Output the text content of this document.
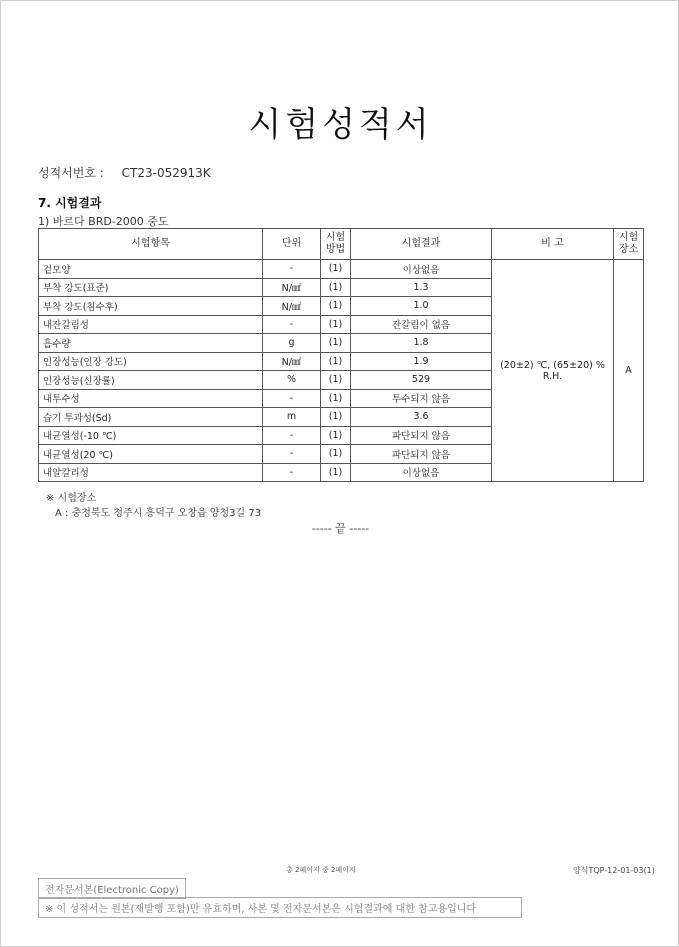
시험성적서
성적서번호 : CT23-052913K
7. 시험결과
1) 바르다 BRD-2000 중도
시험항목	단위	시험방법	시험결과	비 고	시험장소
겉모양	-	(1)	이상없음	(20±2) ℃, (65±20) % R.H.	A
부착 강도(표준)	N/㎟	(1)	1.3		
부착 강도(침수후)	N/㎟	(1)	1.0		
내잔갈림성	-	(1)	잔갈림이 없음		
흡수량	g	(1)	1.8		
인장성능(인장 강도)	N/㎟	(1)	1.9		
인장성능(신장률)	%	(1)	529		
내투수성	-	(1)	투수되지 않음		
습기 투과성(Sd)	m	(1)	3.6		
내균열성(-10 ℃)	-	(1)	파단되지 않음		
내균열성(20 ℃)	-	(1)	파단되지 않음		
내알칼리성	-	(1)	이상없음		
※ 시험장소
A : 충청북도 청주시 흥덕구 오창읍 양청3길 73
----- 끝 -----
총 2페이지 중 2페이지	양식TQP-12-01-03(1)
전자문서본(Electronic Copy)
※ 이 성적서는 원본(재발행 포함)만 유효하며, 사본 및 전자문서본은 시험결과에 대한 참고용입니다
